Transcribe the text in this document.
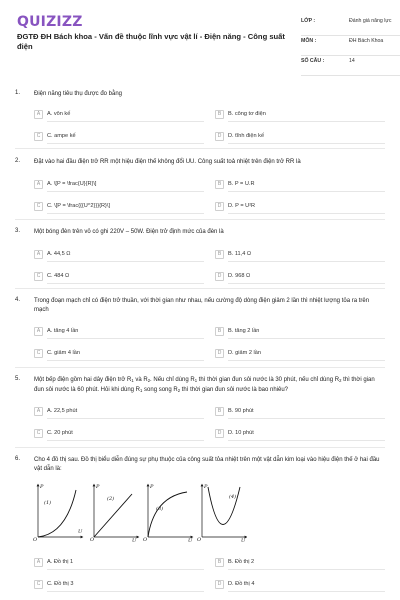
QUIZIZZ
ĐGTĐ ĐH Bách khoa - Vấn đề thuộc lĩnh vực vật lí - Điện năng - Công suất điện
LỚP :	Đánh giá năng lực
MÔN :	ĐH Bách Khoa
SỐ CÂU :	14
1. Điện năng tiêu thụ được đo bằng
A	A. vôn kế	B	B. công tơ điện
C	C. ampe kế	D	D. tĩnh điện kế
2. Đặt vào hai đầu điện trở RR một hiệu điện thế không đổi UU. Công suất toả nhiệt trên điện trở RR là
A	A. \[P = \frac{U}{R}\]	B	B. P = U.R
C	C. \[P = \frac{{{U^2}}}{R}\]	D	D. P = U²R
3. Một bóng đèn trên vỏ có ghi 220V – 50W. Điện trở định mức của đèn là
A	A. 44,5 Ω	B	B. 11,4 Ω
C	C. 484 Ω	D	D. 968 Ω
4. Trong đoạn mạch chỉ có điện trở thuần, với thời gian như nhau, nếu cường độ dòng điện giảm 2 lần thì nhiệt lượng tỏa ra trên mạch
A	A. tăng 4 lần	B	B. tăng 2 lần
C	C. giảm 4 lần	D	D. giảm 2 lần
5. Một bếp điện gồm hai dây điện trở $R_1$ và $R_2$. Nếu chỉ dùng $R_1$ thì thời gian đun sôi nước là 30 phút, nếu chỉ dùng $R_2$ thì thời gian đun sôi nước là 60 phút. Hỏi khi dùng $R_1$ song song $R_2$ thì thời gian đun sôi nước là bao nhiêu?
A	A. 22,5 phút	B	B. 90 phút
C	C. 20 phút	D	D. 10 phút
6. Cho 4 đồ thị sau. Đồ thị biểu diễn đúng sự phụ thuộc của công suất tỏa nhiệt trên một vật dẫn kim loại vào hiệu điện thế ở hai đầu vật dẫn là:
A	A. Đồ thị 1	B	B. Đồ thị 2
C	C. Đồ thị 3	D	D. Đồ thị 4
P
O
U
(1)
P
O	U
(2)
P
O	U
(3)
P
O	U
(4)
